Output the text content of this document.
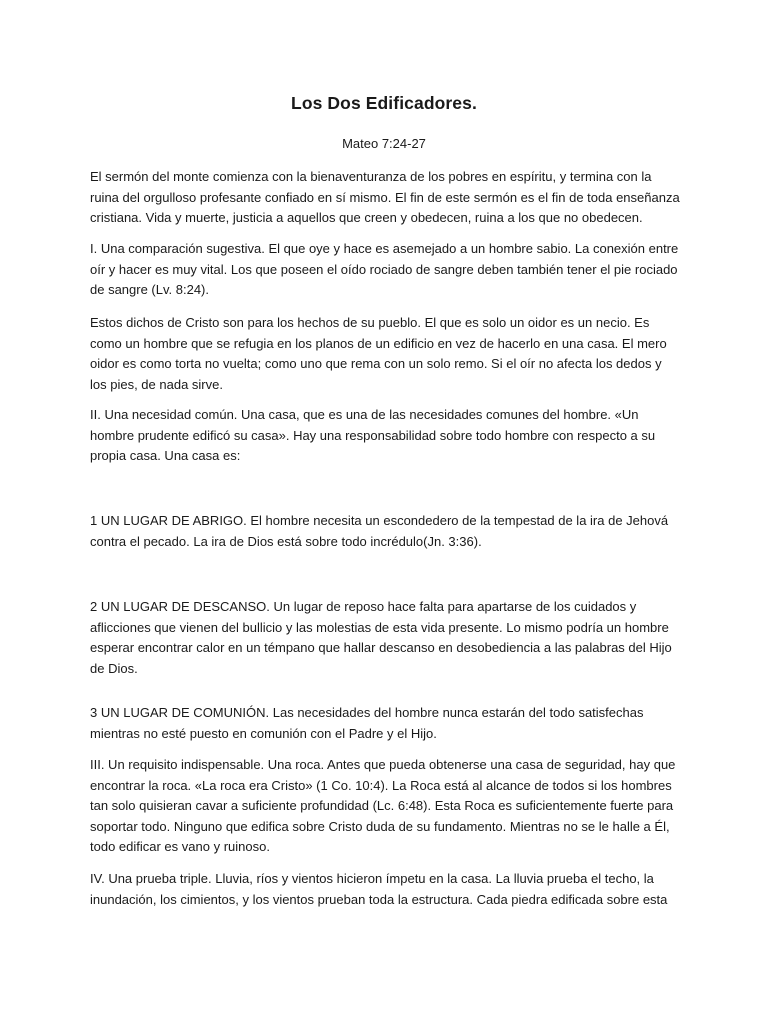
Los Dos Edificadores.
Mateo 7:24-27

El sermón del monte comienza con la bienaventuranza de los pobres en espíritu, y termina con la ruina del orgulloso profesante confiado en sí mismo. El fin de este sermón es el fin de toda enseñanza cristiana. Vida y muerte, justicia a aquellos que creen y obedecen, ruina a los que no obedecen.

I. Una comparación sugestiva. El que oye y hace es asemejado a un hombre sabio. La conexión entre oír y hacer es muy vital. Los que poseen el oído rociado de sangre deben también tener el pie rociado de sangre (Lv. 8:24).

Estos dichos de Cristo son para los hechos de su pueblo. El que es solo un oidor es un necio. Es como un hombre que se refugia en los planos de un edificio en vez de hacerlo en una casa. El mero oidor es como torta no vuelta; como uno que rema con un solo remo. Si el oír no afecta los dedos y los pies, de nada sirve.

II. Una necesidad común. Una casa, que es una de las necesidades comunes del hombre. «Un hombre prudente edificó su casa». Hay una responsabilidad sobre todo hombre con respecto a su propia casa. Una casa es:

1 UN LUGAR DE ABRIGO. El hombre necesita un escondedero de la tempestad de la ira de Jehová contra el pecado. La ira de Dios está sobre todo incrédulo(Jn. 3:36).

2 UN LUGAR DE DESCANSO. Un lugar de reposo hace falta para apartarse de los cuidados y aflicciones que vienen del bullicio y las molestias de esta vida presente. Lo mismo podría un hombre esperar encontrar calor en un témpano que hallar descanso en desobediencia a las palabras del Hijo de Dios.

3 UN LUGAR DE COMUNIÓN. Las necesidades del hombre nunca estarán del todo satisfechas mientras no esté puesto en comunión con el Padre y el Hijo.

III. Un requisito indispensable. Una roca. Antes que pueda obtenerse una casa de seguridad, hay que encontrar la roca. «La roca era Cristo» (1 Co. 10:4). La Roca está al alcance de todos si los hombres tan solo quisieran cavar a suficiente profundidad (Lc. 6:48). Esta Roca es suficientemente fuerte para soportar todo. Ninguno que edifica sobre Cristo duda de su fundamento. Mientras no se le halle a Él, todo edificar es vano y ruinoso.

IV. Una prueba triple. Lluvia, ríos y vientos hicieron ímpetu en la casa. La lluvia prueba el techo, la inundación, los cimientos, y los vientos prueban toda la estructura. Cada piedra edificada sobre esta
